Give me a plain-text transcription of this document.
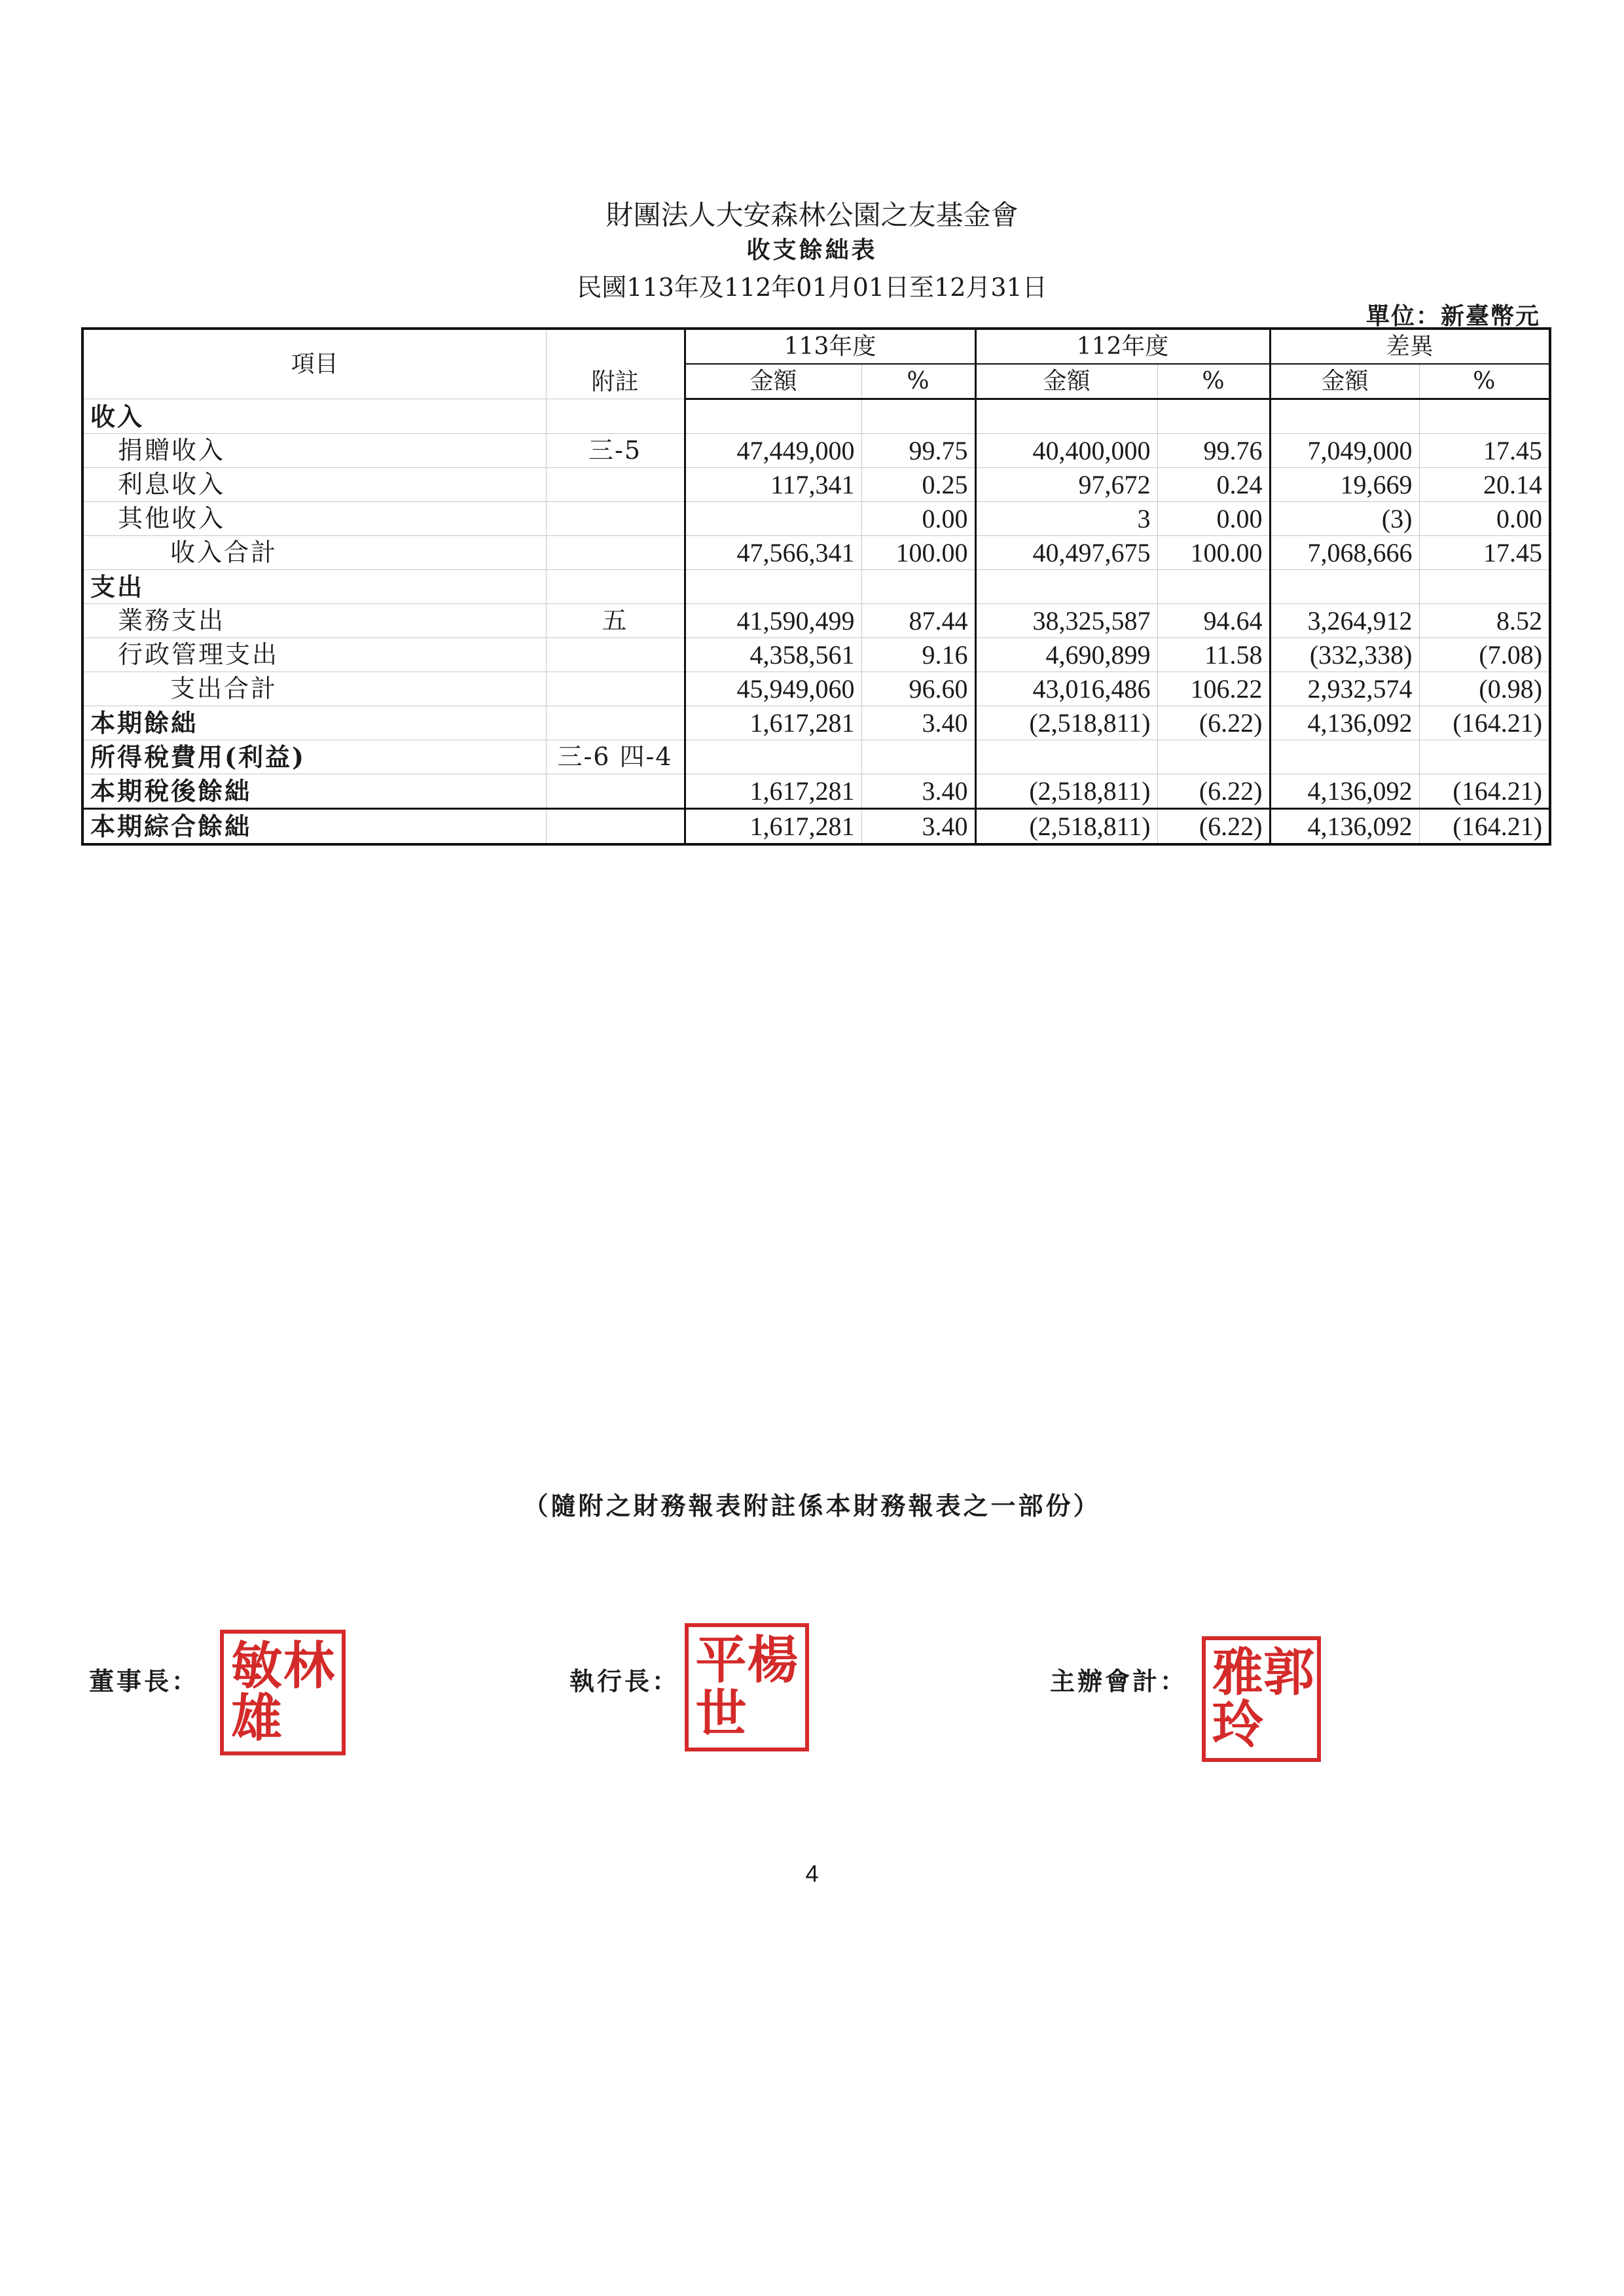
財團法人大安森林公園之友基金會
收支餘絀表
民國113年及112年01月01日至12月31日
單位：新臺幣元
項目	附註	113年度		112年度		差異	
		金額	%	金額	%	金額	%
收入							
捐贈收入	三-5	47,449,000	99.75	40,400,000	99.76	7,049,000	17.45
利息收入		117,341	0.25	97,672	0.24	19,669	20.14
其他收入			0.00	3	0.00	(3)	0.00
收入合計		47,566,341	100.00	40,497,675	100.00	7,068,666	17.45
支出							
業務支出	五	41,590,499	87.44	38,325,587	94.64	3,264,912	8.52
行政管理支出		4,358,561	9.16	4,690,899	11.58	(332,338)	(7.08)
支出合計		45,949,060	96.60	43,016,486	106.22	2,932,574	(0.98)
本期餘絀		1,617,281	3.40	(2,518,811)	(6.22)	4,136,092	(164.21)
所得稅費用(利益)	三-6 四-4						
本期稅後餘絀		1,617,281	3.40	(2,518,811)	(6.22)	4,136,092	(164.21)
本期綜合餘絀		1,617,281	3.40	(2,518,811)	(6.22)	4,136,092	(164.21)
（隨附之財務報表附註係本財務報表之一部份）
董事長： 敏 林
雄
執行長： 平 楊
世
主辦會計： 雅 郭
玲
4
